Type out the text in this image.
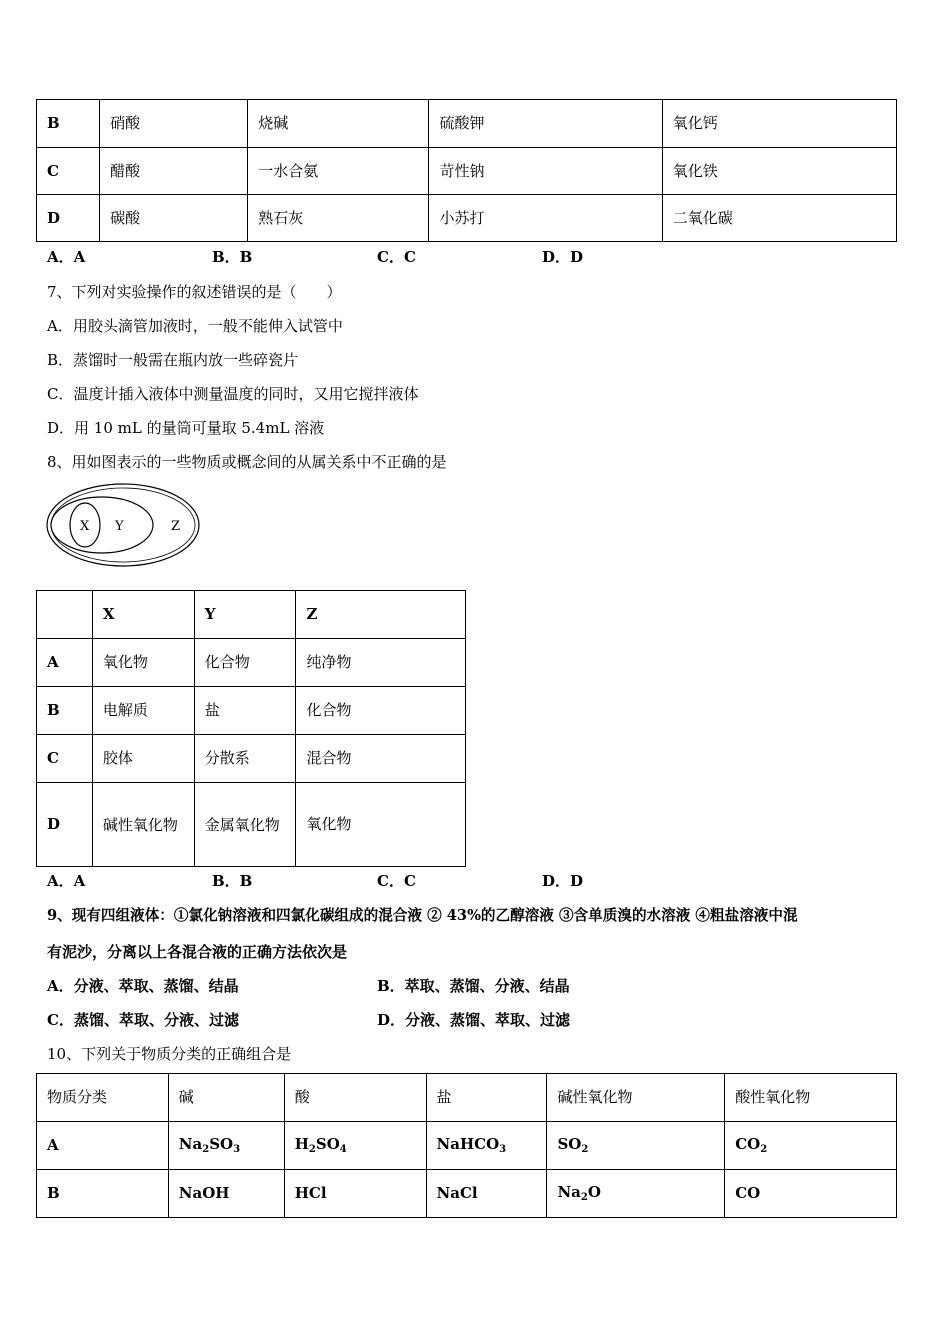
B	硝酸	烧碱	硫酸钾	氧化钙
C	醋酸	一水合氨	苛性钠	氧化铁
D	碳酸	熟石灰	小苏打	二氧化碳
A．A	B．B	C．C	D．D
7、下列对实验操作的叙述错误的是（　　）
A．用胶头滴管加液时，一般不能伸入试管中
B．蒸馏时一般需在瓶内放一些碎瓷片
C．温度计插入液体中测量温度的同时，又用它搅拌液体
D．用 10 mL 的量筒可量取 5.4mL 溶液
8、用如图表示的一些物质或概念间的从属关系中不正确的是
X Y	Z
	X	Y	Z
A	氧化物	化合物	纯净物
B	电解质	盐	化合物
C	胶体	分散系	混合物
D	碱性氧化物	金属氧化物	氧化物
A．A	B．B	C．C	D．D
9、现有四组液体：①氯化钠溶液和四氯化碳组成的混合液 ② 43%的乙醇溶液 ③含单质溴的水溶液 ④粗盐溶液中混
有泥沙，分离以上各混合液的正确方法依次是
A．分液、萃取、蒸馏、结晶	B．萃取、蒸馏、分液、结晶
C．蒸馏、萃取、分液、过滤	D．分液、蒸馏、萃取、过滤
10、下列关于物质分类的正确组合是
物质分类	碱	酸	盐	碱性氧化物	酸性氧化物
A	$Na_2SO_3$	$H_2SO_4$	NaHCO$_3$	$SO_2$	$CO_2$
B	NaOH	HCl	NaCl	$Na_2O$	CO
